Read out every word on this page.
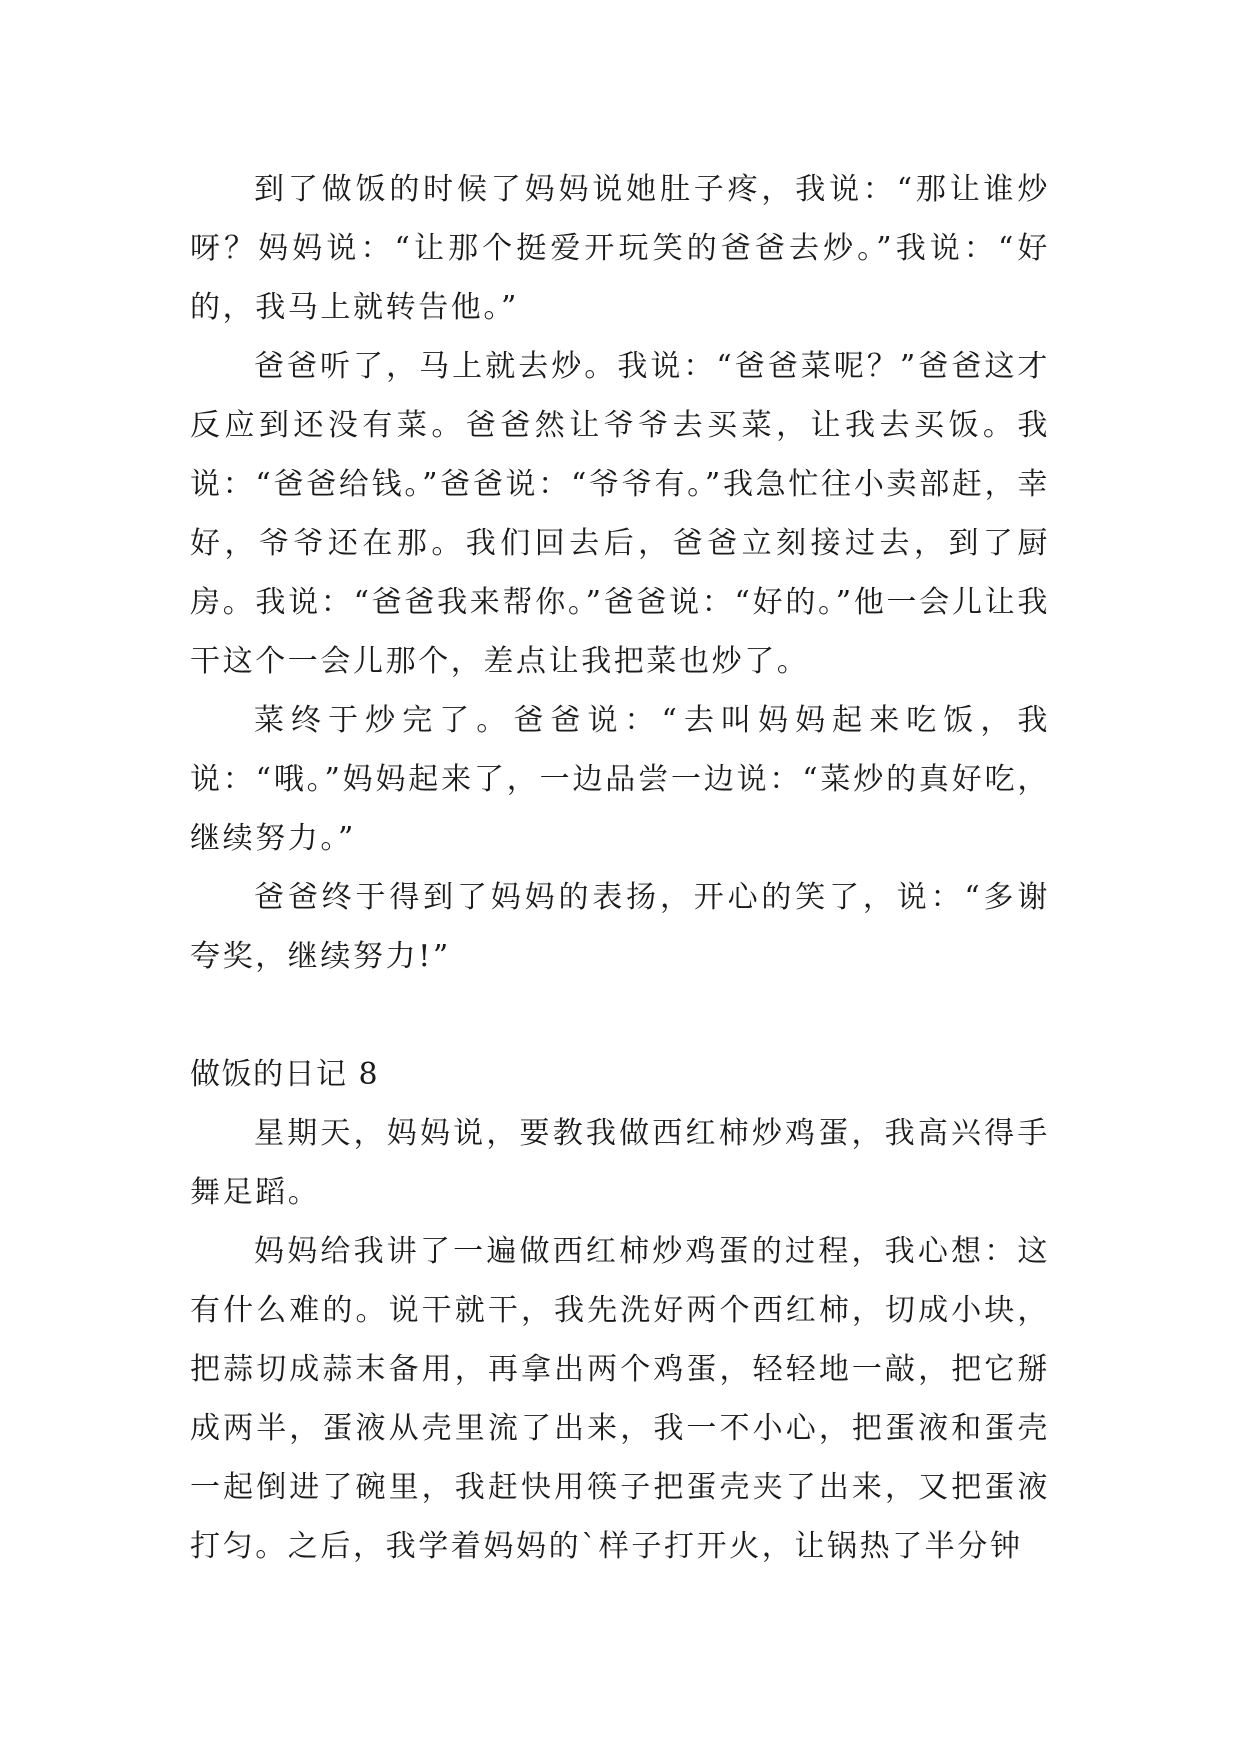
到了做饭的时候了妈妈说她肚子疼，我说：“那让谁炒呀？妈妈说：“让那个挺爱开玩笑的爸爸去炒。”我说：“好的，我马上就转告他。”

爸爸听了，马上就去炒。我说：“爸爸菜呢？”爸爸这才反应到还没有菜。爸爸然让爷爷去买菜，让我去买饭。我说：“爸爸给钱。”爸爸说：“爷爷有。”我急忙往小卖部赶，幸好，爷爷还在那。我们回去后，爸爸立刻接过去，到了厨房。我说：“爸爸我来帮你。”爸爸说：“好的。”他一会儿让我干这个一会儿那个，差点让我把菜也炒了。

菜终于炒完了。爸爸说：“去叫妈妈起来吃饭，我说：“哦。”妈妈起来了，一边品尝一边说：“菜炒的真好吃，继续努力。”

爸爸终于得到了妈妈的表扬，开心的笑了，说：“多谢夸奖，继续努力!”

做饭的日记 8

星期天，妈妈说，要教我做西红柿炒鸡蛋，我高兴得手舞足蹈。

妈妈给我讲了一遍做西红柿炒鸡蛋的过程，我心想：这有什么难的。说干就干，我先洗好两个西红柿，切成小块，把蒜切成蒜末备用，再拿出两个鸡蛋，轻轻地一敲，把它掰成两半，蛋液从壳里流了出来，我一不小心，把蛋液和蛋壳一起倒进了碗里，我赶快用筷子把蛋壳夹了出来，又把蛋液打匀。之后，我学着妈妈的`样子打开火，让锅热了半分钟
